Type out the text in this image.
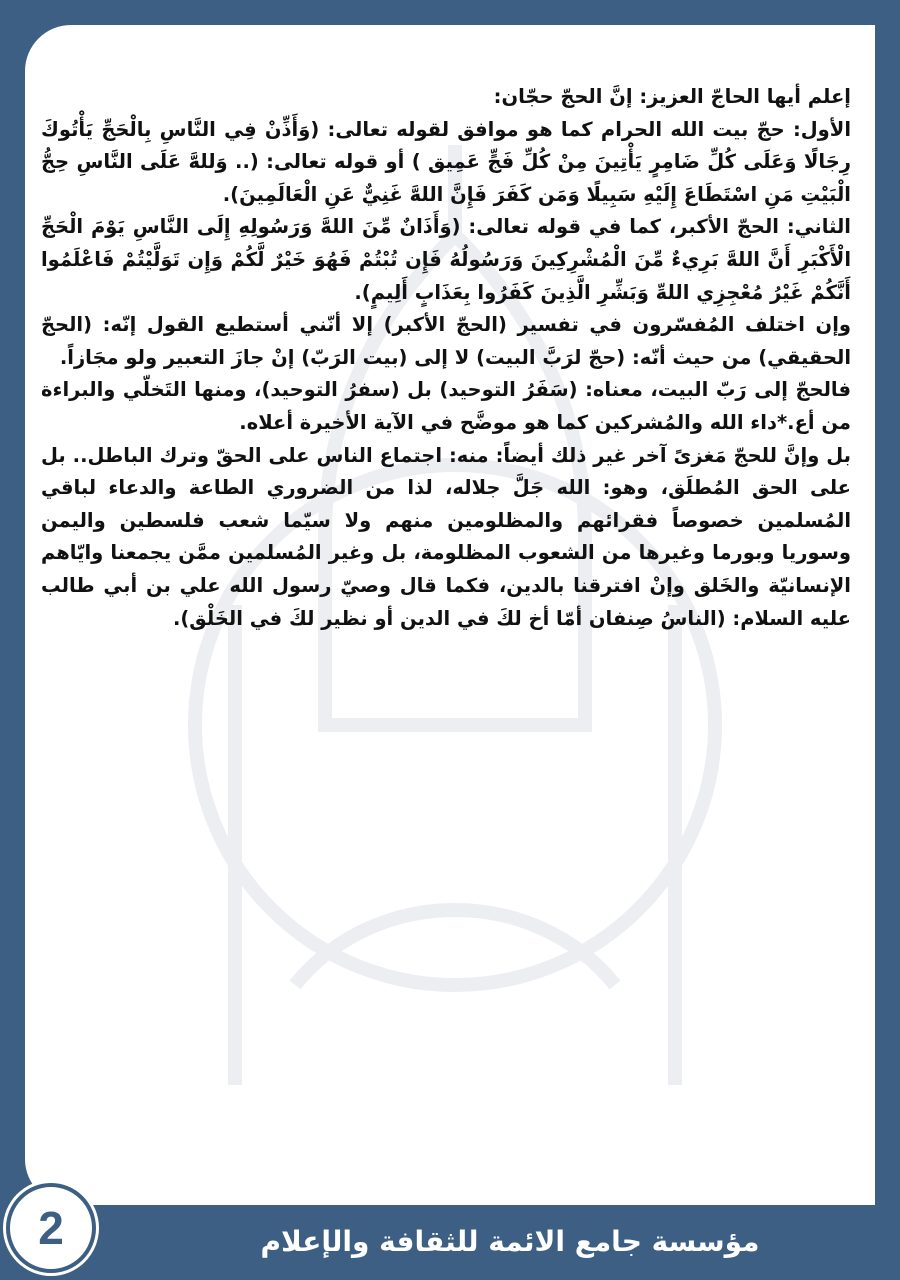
إعلم أيها الحاجّ العزيز: إنَّ الحجّ حجّان:

الأول: حجّ بيت الله الحرام كما هو موافق لقوله تعالى: (وَأَذِّنْ فِي النَّاسِ بِالْحَجِّ يَأْتُوكَ رِجَالًا وَعَلَى كُلِّ ضَامِرٍ يَأْتِينَ مِنْ كُلِّ فَجٍّ عَمِيق ) أو قوله تعالى: (.. وَللهَّ عَلَى النَّاسِ حِجُّ الْبَيْتِ مَنِ اسْتَطَاعَ إِلَيْهِ سَبِيلًا وَمَن كَفَرَ فَإِنَّ اللهَّ غَنِيٌّ عَنِ الْعَالَمِينَ).

الثاني: الحجّ الأكبر، كما في قوله تعالى: (وَأَذَانٌ مِّنَ اللهَّ وَرَسُولِهِ إِلَى النَّاسِ يَوْمَ الْحَجِّ الْأَكْبَرِ أَنَّ اللهَّ بَرِيءٌ مِّنَ الْمُشْرِكِينَ وَرَسُولُهُ فَإِن تُبْتُمْ فَهُوَ خَيْرٌ لَّكُمْ وَإِن تَوَلَّيْتُمْ فَاعْلَمُوا أَنَّكُمْ غَيْرُ مُعْجِزِي اللهِّ وَبَشِّرِ الَّذِينَ كَفَرُوا بِعَذَابٍ أَلِيمٍ).

وإن اختلف المُفسّرون في تفسير (الحجّ الأكبر) إلا أنّني أستطيع القول إنّه: (الحجّ الحقيقي) من حيث أنّه: (حجّ لرَبَّ البيت) لا إلى (بيت الرَبّ) إنْ جازَ التعبير ولو مجَازاً.

فالحجّ إلى رَبّ البيت، معناه: (سَفَرُ التوحيد) بل (سفرُ التوحيد)، ومنها التَخلّي والبراءة من أع.*داء الله والمُشركين كما هو موضَّح في الآية الأخيرة أعلاه.

بل وإنَّ للحجّ مَغزىً آخر غير ذلك أيضاً: منه: اجتماع الناس على الحقّ وترك الباطل.. بل على الحق المُطلَق، وهو: الله جَلَّ جلاله، لذا من الضروري الطاعة والدعاء لباقي المُسلمين خصوصاً فقرائهم والمظلومين منهم ولا سيّما شعب فلسطين واليمن وسوريا وبورما وغيرها من الشعوب المظلومة، بل وغير المُسلمين ممَّن يجمعنا وايّاهم الإنسانيّة والخَلق وإنْ افترقنا بالدين، فكما قال وصيّ رسول الله علي بن أبي طالب عليه السلام: (الناسُ صِنفان أمّا أخ لكَ في الدين أو نظير لكَ في الخَلْق).

2	مؤسسة جامع الائمة للثقافة والإعلام
